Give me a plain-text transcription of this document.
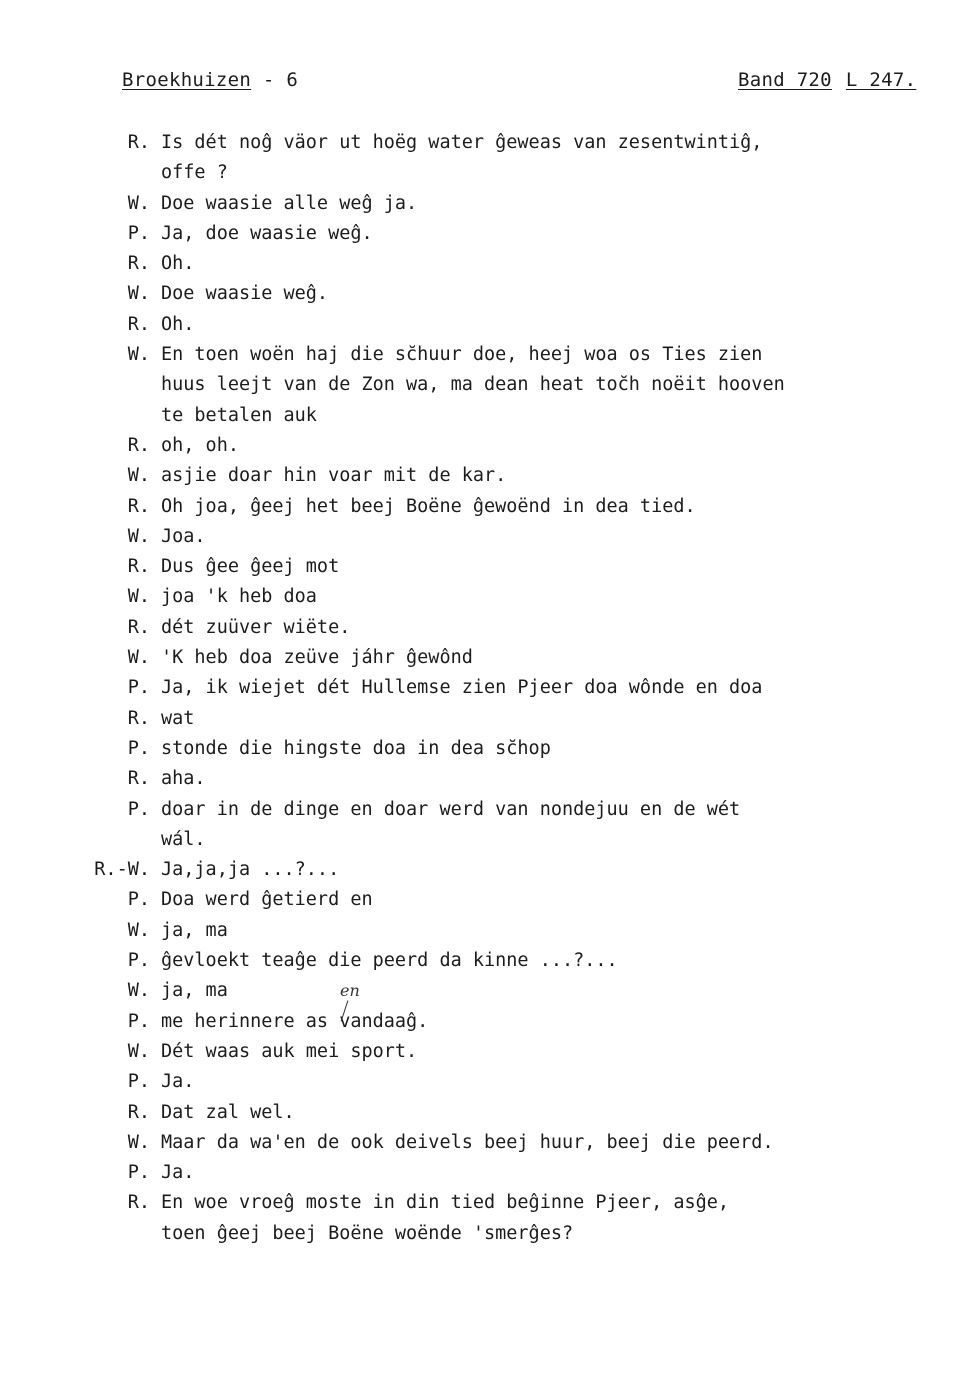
Broekhuizen - 6	Band 720 L 247.
R. Is dét noĝ väor ut hoëg water ĝeweas van zesentwintiĝ,
offe ?
W. Doe waasie alle weĝ ja.
P. Ja, doe waasie weĝ.
R. Oh.
W. Doe waasie weĝ.
R. Oh.
W. En toen woën haj die sc̆huur doe, heej woa os Ties zien
huus leejt van de Zon wa, ma dean heat toc̆h noëit hooven
te betalen auk
R. oh, oh.
W. asjie doar hin voar mit de kar.
R. Oh joa, ĝeej het beej Boëne ĝewoënd in dea tied.
W. Joa.
R. Dus ĝee ĝeej mot
W. joa 'k heb doa
R. dét zuüver wiëte.
W. 'K heb doa zeüve jáhr ĝewônd
P. Ja, ik wiejet dét Hullemse zien Pjeer doa wônde en doa
R. wat
P. stonde die hingste doa in dea sc̆hop
R. aha.
P. doar in de dinge en doar werd van nondejuu en de wét
wál.
R.-W. Ja,ja,ja ...?...
P. Doa werd ĝetierd en
W. ja, ma
P. ĝevloekt teaĝe die peerd da kinne ...?...
W. ja, ma
P. me herinnere as vandaaĝ.
W. Dét waas auk mei sport.
P. Ja.
R. Dat zal wel.
W. Maar da wa'en de ook deivels beej huur, beej die peerd.
P. Ja.
R. En woe vroeĝ moste in din tied beĝinne Pjeer, asĝe,
toen ĝeej beej Boëne woënde 'smerĝes?
en
